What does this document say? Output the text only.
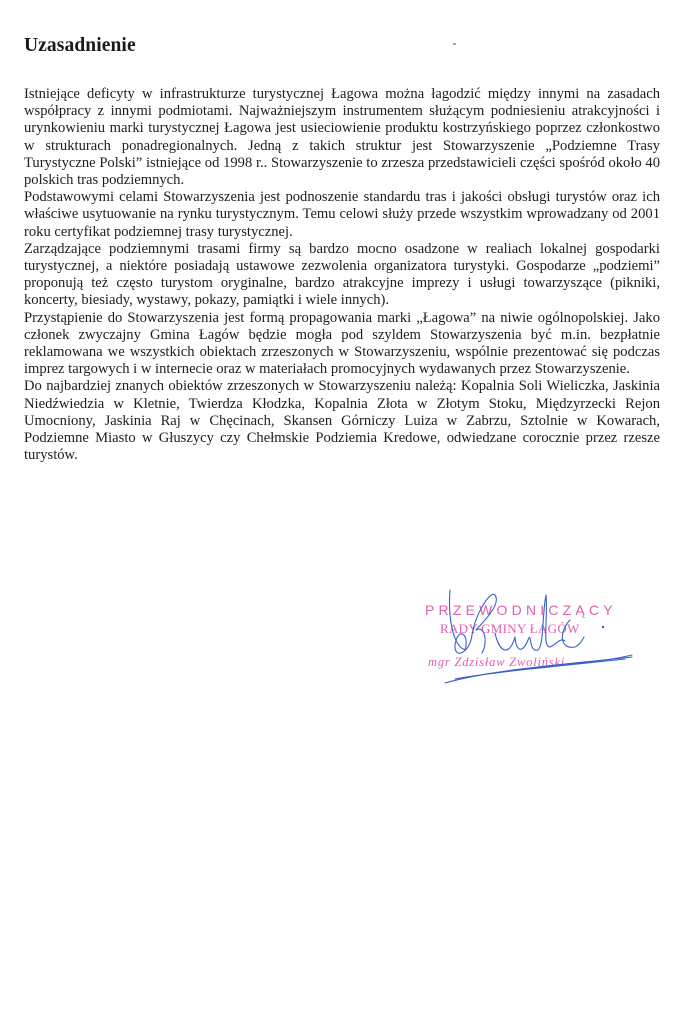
Uzasadnienie

Istniejące deficyty w infrastrukturze turystycznej Łagowa można łagodzić między innymi na zasadach współpracy z innymi podmiotami. Najważniejszym instrumentem służącym podniesieniu atrakcyjności i urynkowieniu marki turystycznej Łagowa jest usieciowienie produktu kostrzyńskiego poprzez członkostwo w strukturach ponadregionalnych. Jedną z takich struktur jest Stowarzyszenie „Podziemne Trasy Turystyczne Polski” istniejące od 1998 r.. Stowarzyszenie to zrzesza przedstawicieli części spośród około 40 polskich tras podziemnych.

Podstawowymi celami Stowarzyszenia jest podnoszenie standardu tras i jakości obsługi turystów oraz ich właściwe usytuowanie na rynku turystycznym. Temu celowi służy przede wszystkim wprowadzany od 2001 roku certyfikat podziemnej trasy turystycznej.

Zarządzające podziemnymi trasami firmy są bardzo mocno osadzone w realiach lokalnej gospodarki turystycznej, a niektóre posiadają ustawowe zezwolenia organizatora turystyki. Gospodarze „podziemi” proponują też często turystom oryginalne, bardzo atrakcyjne imprezy i usługi towarzyszące (pikniki, koncerty, biesiady, wystawy, pokazy, pamiątki i wiele innych).

Przystąpienie do Stowarzyszenia jest formą propagowania marki „Łagowa” na niwie ogólnopolskiej. Jako członek zwyczajny Gmina Łagów będzie mogła pod szyldem Stowarzyszenia być m.in. bezpłatnie reklamowana we wszystkich obiektach zrzeszonych w Stowarzyszeniu, wspólnie prezentować się podczas imprez targowych i w internecie oraz w materiałach promocyjnych wydawanych przez Stowarzyszenie.

Do najbardziej znanych obiektów zrzeszonych w Stowarzyszeniu należą: Kopalnia Soli Wieliczka, Jaskinia Niedźwiedzia w Kletnie, Twierdza Kłodzka, Kopalnia Złota w Złotym Stoku, Międzyrzecki Rejon Umocniony, Jaskinia Raj w Chęcinach, Skansen Górniczy Luiza w Zabrzu, Sztolnie w Kowarach, Podziemne Miasto w Głuszycy czy Chełmskie Podziemia Kredowe, odwiedzane corocznie przez rzesze turystów.

PRZEWODNICZĄCY
RADY GMINY ŁAGÓW
mgr Zdzisław Zwoliński
